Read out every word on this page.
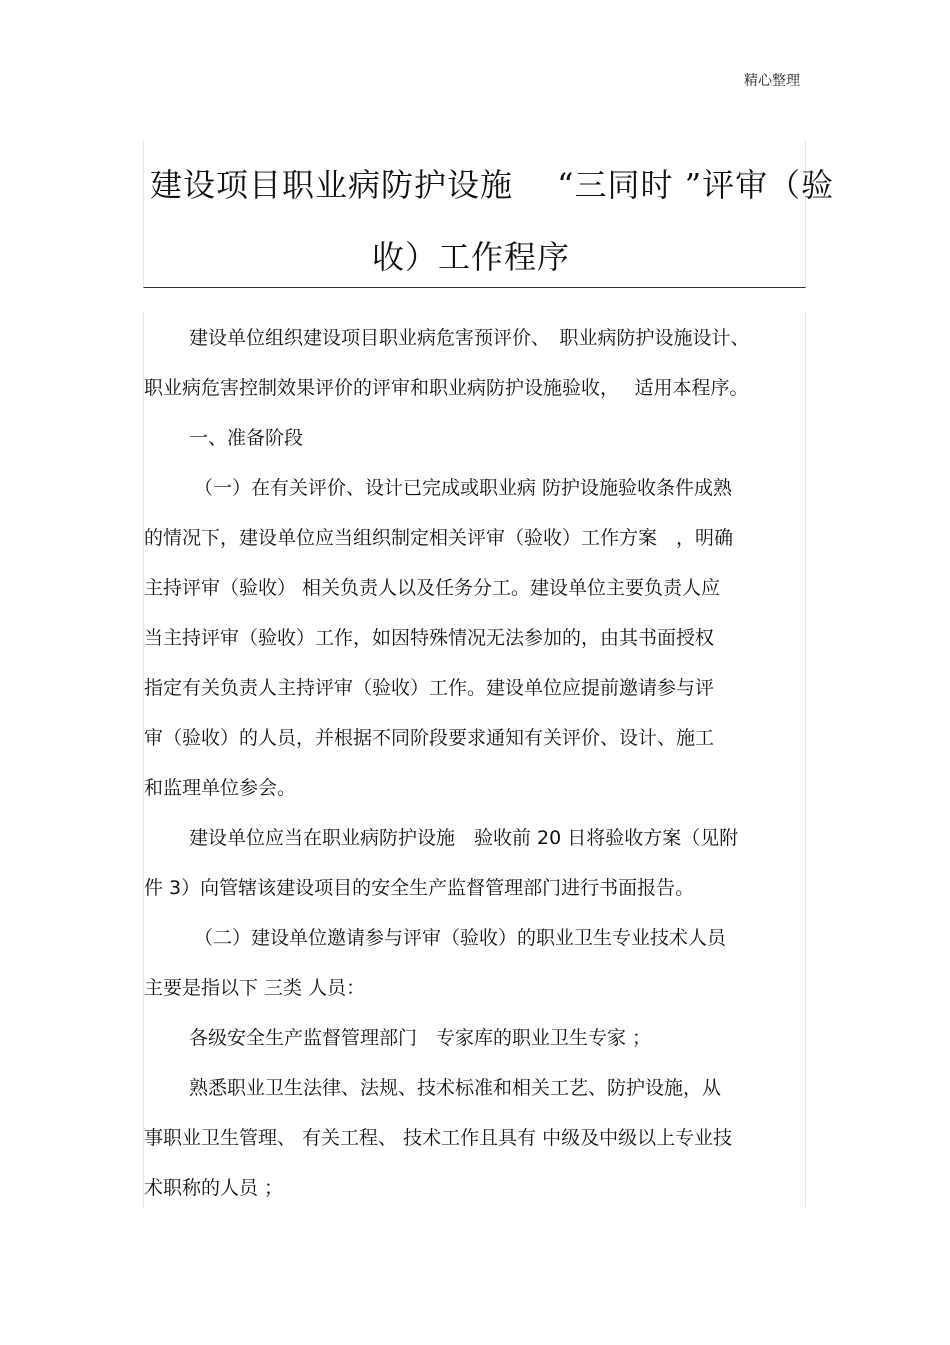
精心整理
建设项目职业病防护设施　 “三同时 ”评审（验
收）工作程序
建设单位组织建设项目职业病危害预评价、　职业病防护设施设计、
职业病危害控制效果评价的评审和职业病防护设施验收，　 适用本程序。
一、准备阶段
（一）在有关评价、设计已完成或职业病 防护设施验收条件成熟
的情况下，建设单位应当组织制定相关评审（验收）工作方案　，明确
主持评审（验收） 相关负责人以及任务分工。建设单位主要负责人应
当主持评审（验收）工作，如因特殊情况无法参加的，由其书面授权
指定有关负责人主持评审（验收）工作。建设单位应提前邀请参与评
审（验收）的人员，并根据不同阶段要求通知有关评价、设计、施工
和监理单位参会。
建设单位应当在职业病防护设施　验收前 20 日将验收方案（见附
件 3）向管辖该建设项目的安全生产监督管理部门进行书面报告。
（二）建设单位邀请参与评审（验收）的职业卫生专业技术人员
主要是指以下 三类 人员：
各级安全生产监督管理部门　专家库的职业卫生专家 ；
熟悉职业卫生法律、法规、技术标准和相关工艺、防护设施，从
事职业卫生管理、 有关工程、 技术工作且具有 中级及中级以上专业技
术职称的人员 ；
